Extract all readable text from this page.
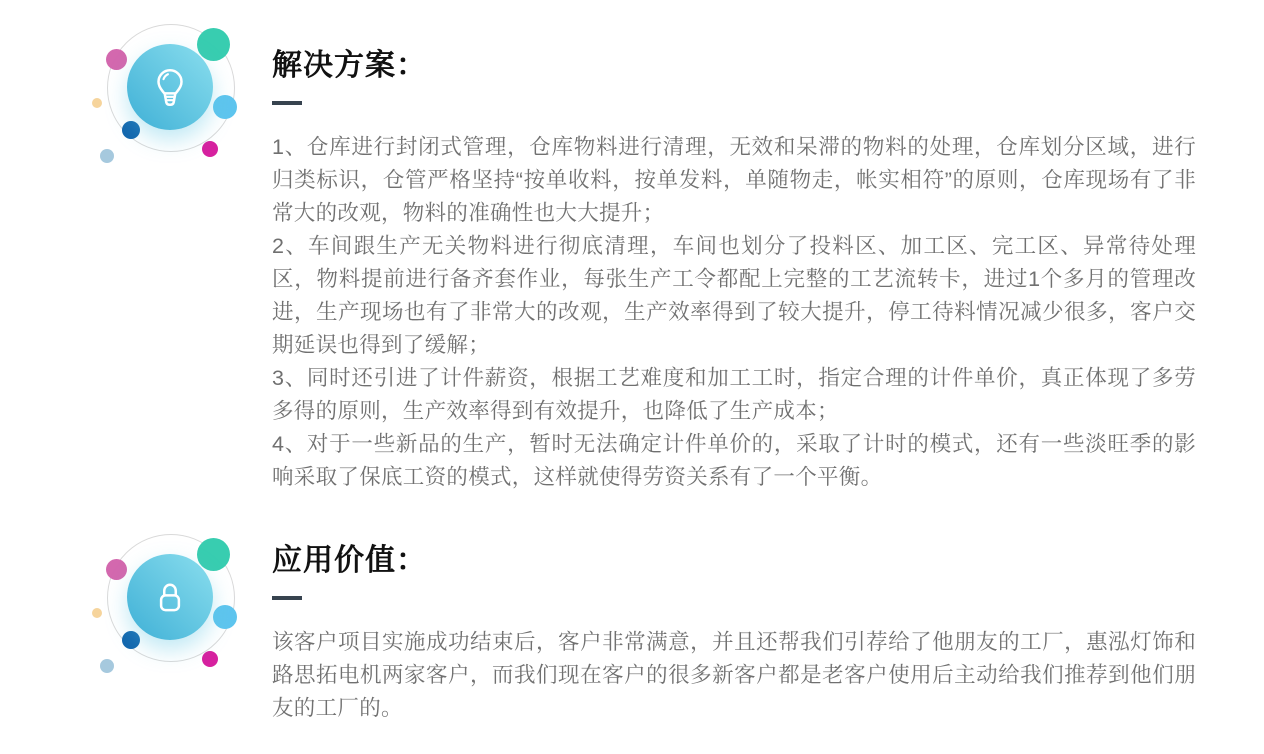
解决方案：

1、仓库进行封闭式管理，仓库物料进行清理，无效和呆滞的物料的处理，仓库划分区域，进行归类标识，仓管严格坚持“按单收料，按单发料，单随物走，帐实相符”的原则，仓库现场有了非常大的改观，物料的准确性也大大提升；

2、车间跟生产无关物料进行彻底清理，车间也划分了投料区、加工区、完工区、异常待处理区，物料提前进行备齐套作业，每张生产工令都配上完整的工艺流转卡，进过1个多月的管理改进，生产现场也有了非常大的改观，生产效率得到了较大提升，停工待料情况减少很多，客户交期延误也得到了缓解；

3、同时还引进了计件薪资，根据工艺难度和加工工时，指定合理的计件单价，真正体现了多劳多得的原则，生产效率得到有效提升，也降低了生产成本；

4、对于一些新品的生产，暂时无法确定计件单价的，采取了计时的模式，还有一些淡旺季的影响采取了保底工资的模式，这样就使得劳资关系有了一个平衡。

应用价值：

该客户项目实施成功结束后，客户非常满意，并且还帮我们引荐给了他朋友的工厂，惠泓灯饰和路思拓电机两家客户，而我们现在客户的很多新客户都是老客户使用后主动给我们推荐到他们朋友的工厂的。
